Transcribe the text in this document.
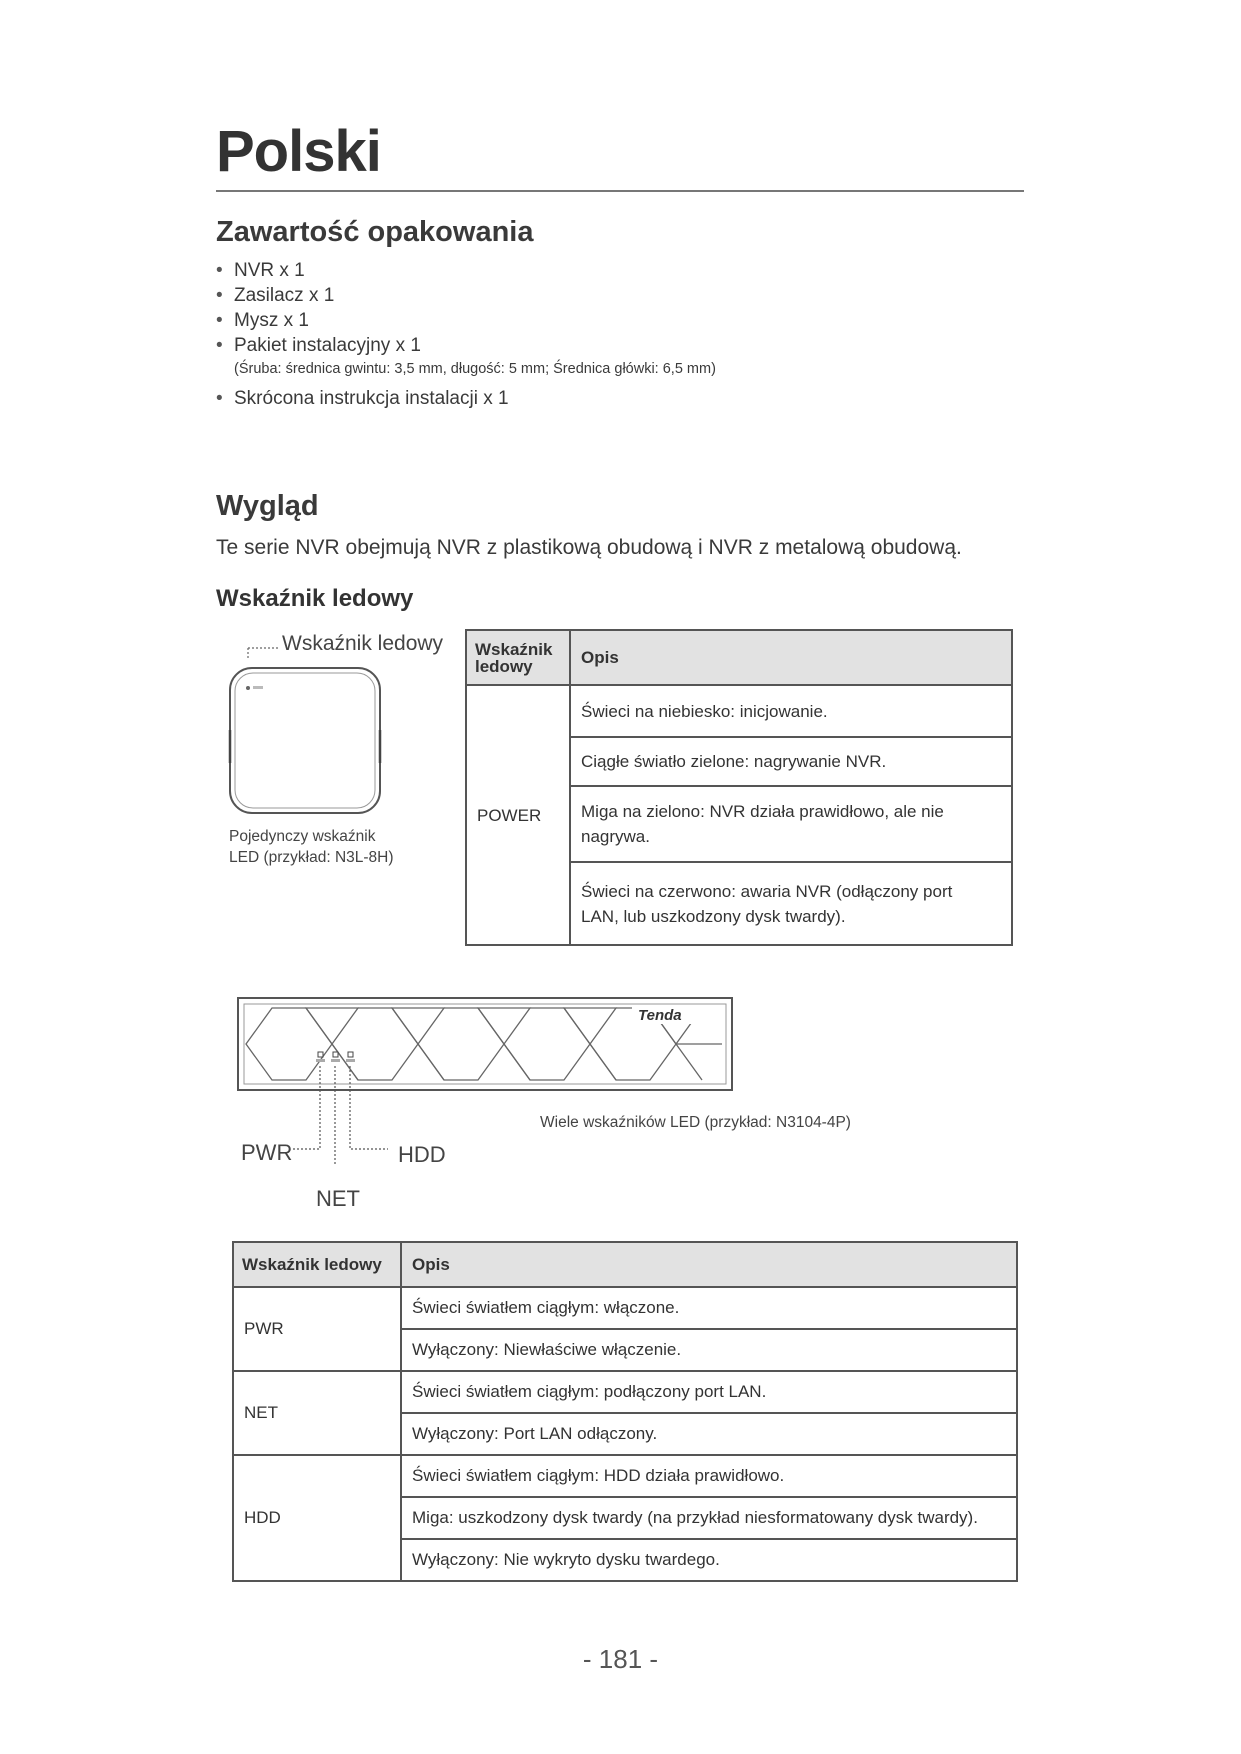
Polski
Zawartość opakowania
• NVR x 1
• Zasilacz x 1
• Mysz x 1
• Pakiet instalacyjny x 1
(Śruba: średnica gwintu: 3,5 mm, długość: 5 mm; Średnica główki: 6,5 mm)
• Skrócona instrukcja instalacji x 1
Wygląd
Te serie NVR obejmują NVR z plastikową obudową i NVR z metalową obudową.
Wskaźnik ledowy
Wskaźnik ledowy
Pojedynczy wskaźnik
LED (przykład: N3L-8H)
Wskaźnik
ledowy	Opis
POWER	Świeci na niebiesko: inicjowanie.
	Ciągłe światło zielone: nagrywanie NVR.
	Miga na zielono: NVR działa prawidłowo, ale nie nagrywa.
	Świeci na czerwono: awaria NVR (odłączony port LAN, lub uszkodzony dysk twardy).
Tenda
PWR	HDD
NET
Wiele wskaźników LED (przykład: N3104-4P)
Wskaźnik ledowy	Opis
PWR	Świeci światłem ciągłym: włączone.
	Wyłączony: Niewłaściwe włączenie.
NET	Świeci światłem ciągłym: podłączony port LAN.
	Wyłączony: Port LAN odłączony.
HDD	Świeci światłem ciągłym: HDD działa prawidłowo.
	Miga: uszkodzony dysk twardy (na przykład niesformatowany dysk twardy).
	Wyłączony: Nie wykryto dysku twardego.
- 181 -
